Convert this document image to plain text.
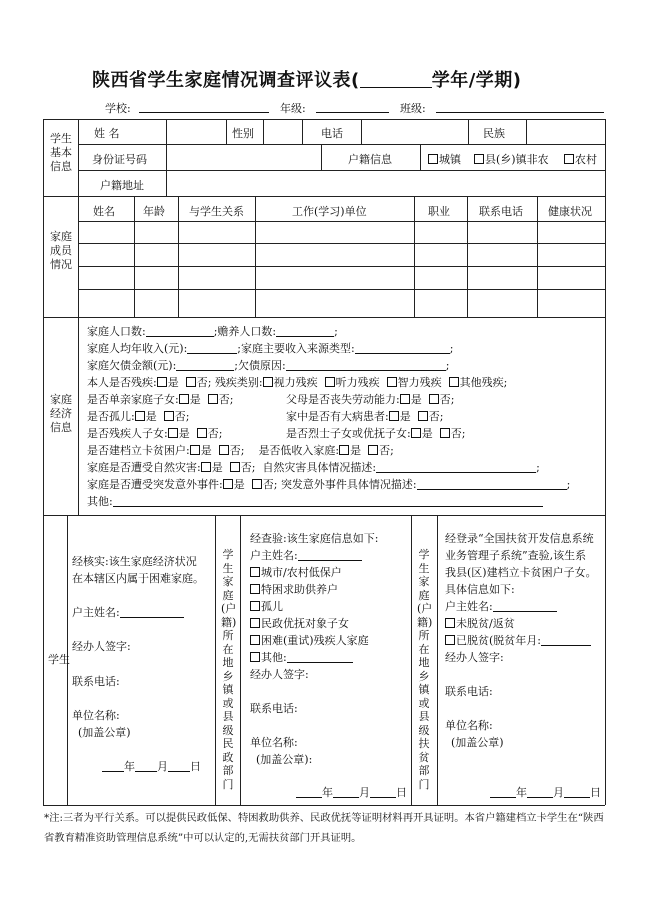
陕西省学生家庭情况调查评议表(	学年/学期)
学校:	年级:	班级:
学生基本信息
姓 名	性别	电话	民族
身份证号码	户籍信息	城镇	县(乡)镇非农	农村
户籍地址
家庭成员情况
姓名	年龄 与学生关系	工作(学习)单位	职业	联系电话 健康状况
家庭经济信息
家庭人口数:	;赡养人口数:	;
家庭人均年收入(元):	;家庭主要收入来源类型:	;
家庭欠债金额(元):	;欠债原因:	;
本人是否残疾: 是 否; 残疾类别: 视力残疾 听力残疾 智力残疾 其他残疾;
是否单亲家庭子女: 是 否;	父母是否丧失劳动能力: 是 否;
是否孤儿: 是 否;	家中是否有大病患者: 是 否;
是否残疾人子女: 是 否;	是否烈士子女或优抚子女: 是 否;
是否建档立卡贫困户: 是 否; 是否低收入家庭: 是 否;
家庭是否遭受自然灾害: 是 否; 自然灾害具体情况描述:	;
家庭是否遭受突发意外事件: 是 否; 突发意外事件具体情况描述:	;
其他:
学生
经核实:该生家庭经济状况
在本辖区内属于困难家庭。
户主姓名:
经办人签字:
联系电话:
单位名称:
(加盖公章)
年 月 日
学生家庭(户籍)所在地乡镇或县级民政部门
经查验:该生家庭信息如下:
户主姓名:
城市/农村低保户
特困求助供养户
孤儿
民政优抚对象子女
困难(重试)残疾人家庭
其他:
经办人签字:
联系电话:
单位名称:
(加盖公章):
年 月 日
学生家庭(户籍)所在地乡镇或县级扶贫部门
经登录“全国扶贫开发信息系统
业务管理子系统”查验,该生系
我县(区)建档立卡贫困户子女。
具体信息如下:
户主姓名:
未脱贫/返贫
已脱贫(脱贫年月:
经办人签字:
联系电话:
单位名称:
(加盖公章)
年 月 日
*注:三者为平行关系。可以提供民政低保、特困救助供养、民政优抚等证明材料再开具证明。本省户籍建档立卡学生在“陕西省教育精准资助管理信息系统”中可以认定的,无需扶贫部门开具证明。
